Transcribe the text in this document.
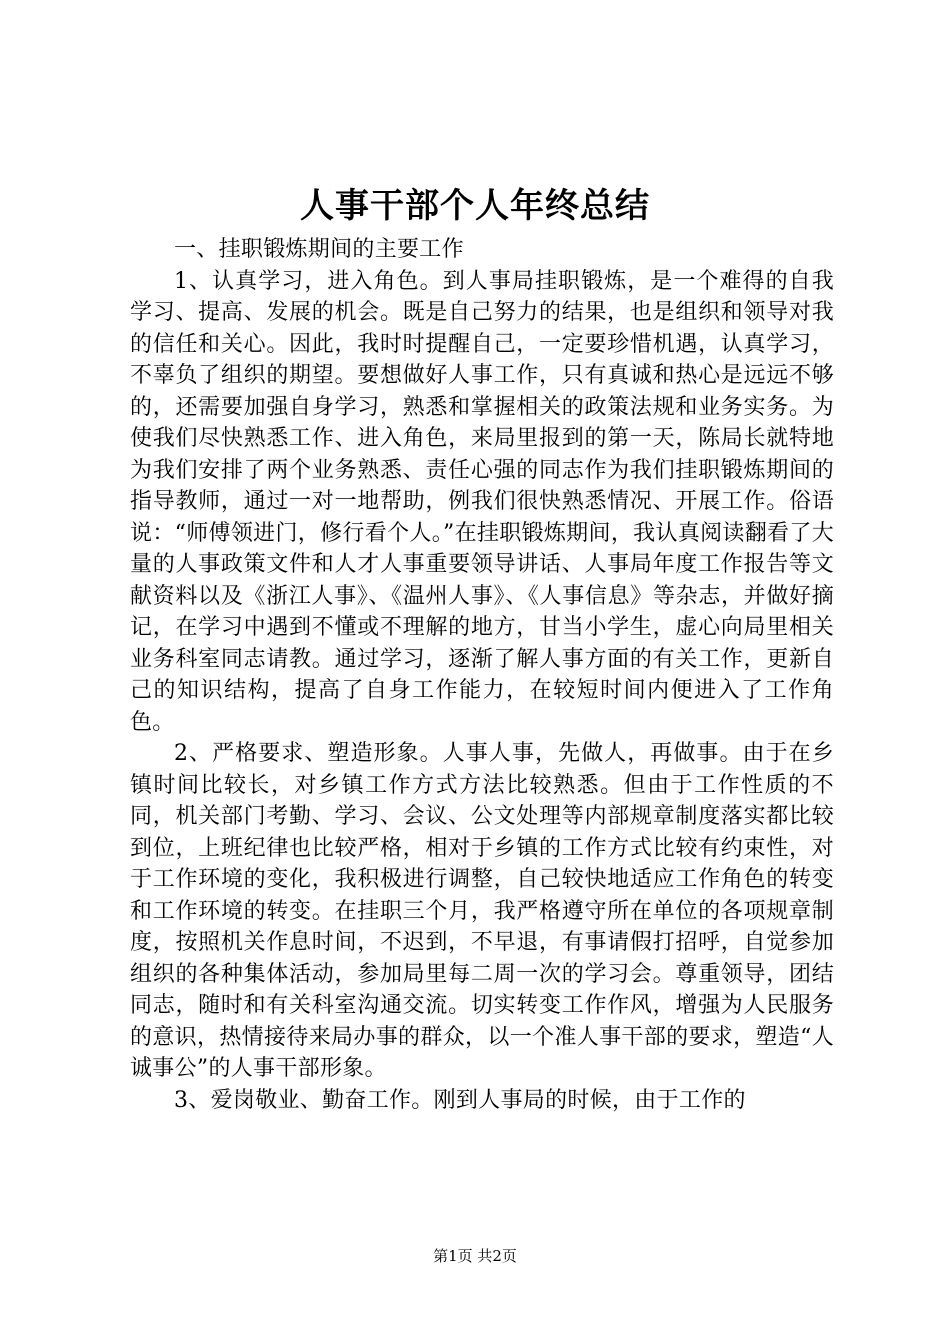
人事干部个人年终总结

一、挂职锻炼期间的主要工作

1、认真学习，进入角色。到人事局挂职锻炼，是一个难得的自我学习、提高、发展的机会。既是自己努力的结果，也是组织和领导对我的信任和关心。因此，我时时提醒自己，一定要珍惜机遇，认真学习，不辜负了组织的期望。要想做好人事工作，只有真诚和热心是远远不够的，还需要加强自身学习，熟悉和掌握相关的政策法规和业务实务。为使我们尽快熟悉工作、进入角色，来局里报到的第一天，陈局长就特地为我们安排了两个业务熟悉、责任心强的同志作为我们挂职锻炼期间的指导教师，通过一对一地帮助，例我们很快熟悉情况、开展工作。俗语说：“师傅领进门，修行看个人。”在挂职锻炼期间，我认真阅读翻看了大量的人事政策文件和人才人事重要领导讲话、人事局年度工作报告等文献资料以及《浙江人事》、《温州人事》、《人事信息》等杂志，并做好摘记，在学习中遇到不懂或不理解的地方，甘当小学生，虚心向局里相关业务科室同志请教。通过学习，逐渐了解人事方面的有关工作，更新自己的知识结构，提高了自身工作能力，在较短时间内便进入了工作角色。

2、严格要求、塑造形象。人事人事，先做人，再做事。由于在乡镇时间比较长，对乡镇工作方式方法比较熟悉。但由于工作性质的不同，机关部门考勤、学习、会议、公文处理等内部规章制度落实都比较到位，上班纪律也比较严格，相对于乡镇的工作方式比较有约束性，对于工作环境的变化，我积极进行调整，自己较快地适应工作角色的转变和工作环境的转变。在挂职三个月，我严格遵守所在单位的各项规章制度，按照机关作息时间，不迟到，不早退，有事请假打招呼，自觉参加组织的各种集体活动，参加局里每二周一次的学习会。尊重领导，团结同志，随时和有关科室沟通交流。切实转变工作作风，增强为人民服务的意识，热情接待来局办事的群众，以一个准人事干部的要求，塑造“人诚事公”的人事干部形象。

3、爱岗敬业、勤奋工作。刚到人事局的时候，由于工作的

第1页 共2页
